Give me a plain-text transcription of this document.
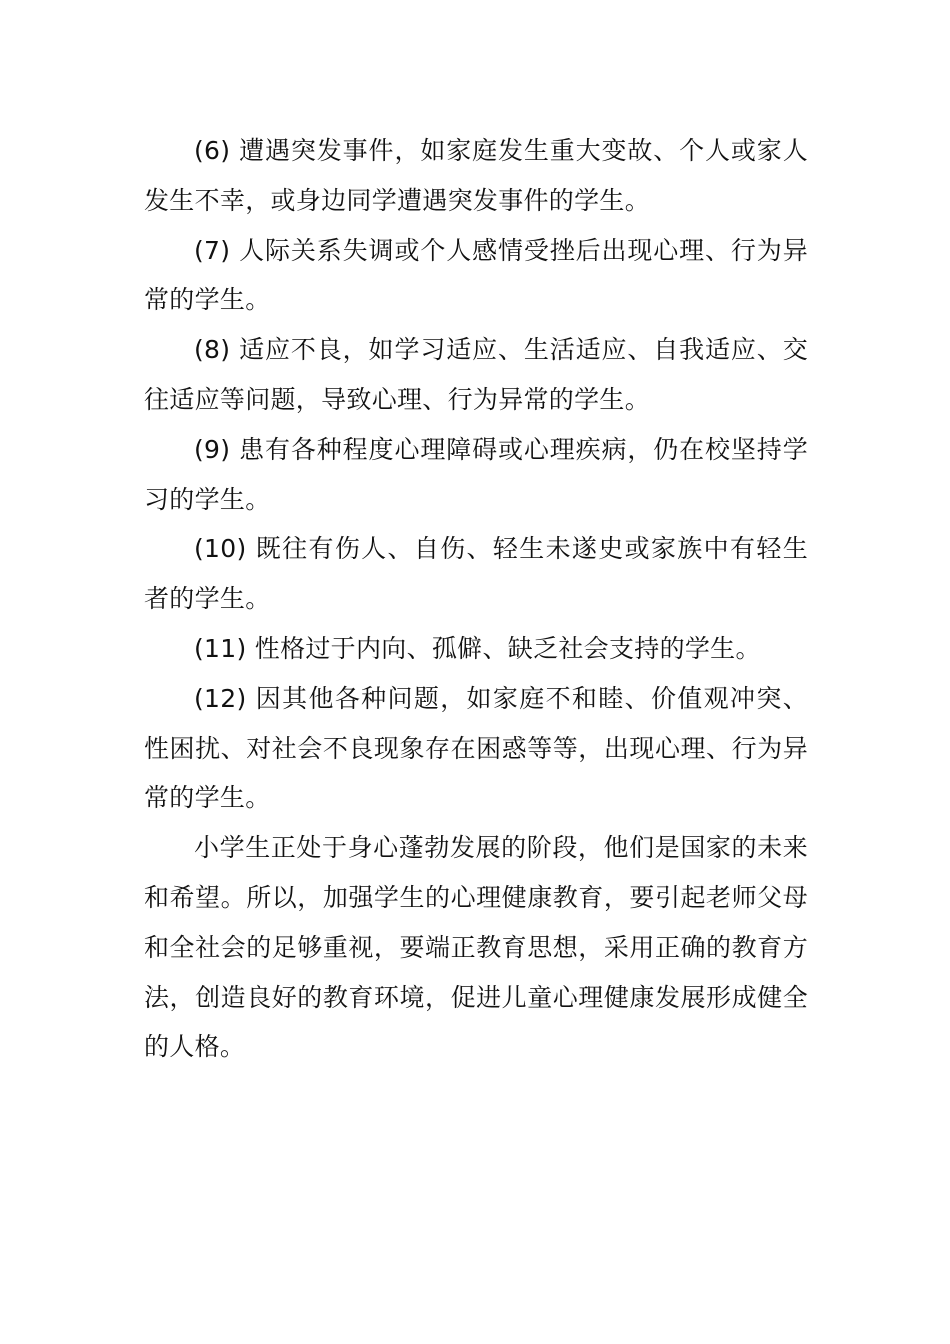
(6) 遭遇突发事件，如家庭发生重大变故、个人或家人发生不幸，或身边同学遭遇突发事件的学生。

(7) 人际关系失调或个人感情受挫后出现心理、行为异常的学生。

(8) 适应不良，如学习适应、生活适应、自我适应、交往适应等问题，导致心理、行为异常的学生。

(9) 患有各种程度心理障碍或心理疾病，仍在校坚持学习的学生。

(10) 既往有伤人、自伤、轻生未遂史或家族中有轻生者的学生。

(11) 性格过于内向、孤僻、缺乏社会支持的学生。

(12) 因其他各种问题，如家庭不和睦、价值观冲突、性困扰、对社会不良现象存在困惑等等，出现心理、行为异常的学生。

小学生正处于身心蓬勃发展的阶段，他们是国家的未来和希望。所以，加强学生的心理健康教育，要引起老师父母和全社会的足够重视，要端正教育思想，采用正确的教育方法，创造良好的教育环境，促进儿童心理健康发展形成健全的人格。
